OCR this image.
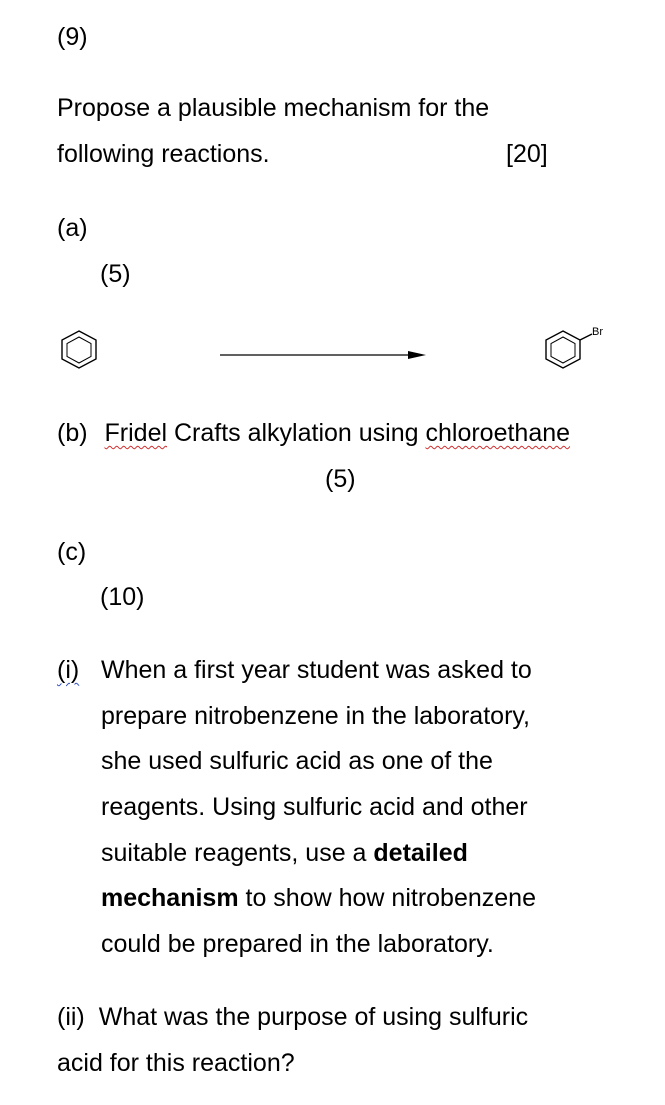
(9)
Propose a plausible mechanism for the
following reactions.	[20]
(a)
(5)
Br
(b) Fridel Crafts alkylation using chloroethane
(5)
(c)
(10)
(i) When a first year student was asked to
prepare nitrobenzene in the laboratory,
she used sulfuric acid as one of the
reagents. Using sulfuric acid and other
suitable reagents, use a detailed
mechanism to show how nitrobenzene
could be prepared in the laboratory.
(ii) What was the purpose of using sulfuric
acid for this reaction?
